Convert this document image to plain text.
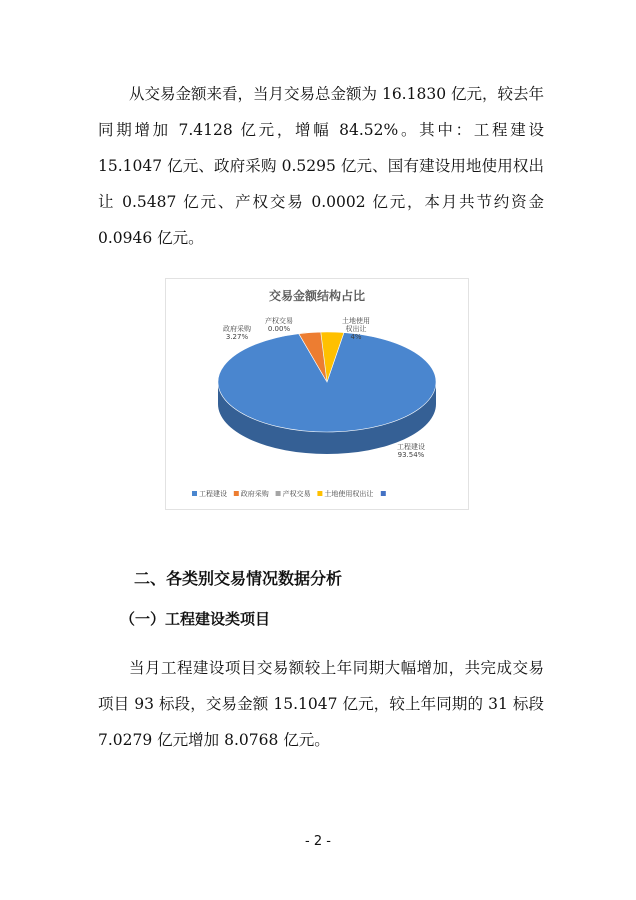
从交易金额来看，当月交易总金额为 16.1830 亿元，较去年同期增加 7.4128 亿元，增幅 84.52%。其中：工程建设 15.1047 亿元、政府采购 0.5295 亿元、国有建设用地使用权出让 0.5487 亿元、产权交易 0.0002 亿元，本月共节约资金 0.0946 亿元。

交易金额结构占比
工程建设
93.54%
政府采购
3.27%
产权交易
0.00%
土地使用
权出让
4%
工程建设 政府采购 产权交易 土地使用权出让
二、各类别交易情况数据分析
（一）工程建设类项目

当月工程建设项目交易额较上年同期大幅增加，共完成交易项目 93 标段，交易金额 15.1047 亿元，较上年同期的 31 标段 7.0279 亿元增加 8.0768 亿元。

- 2 -
